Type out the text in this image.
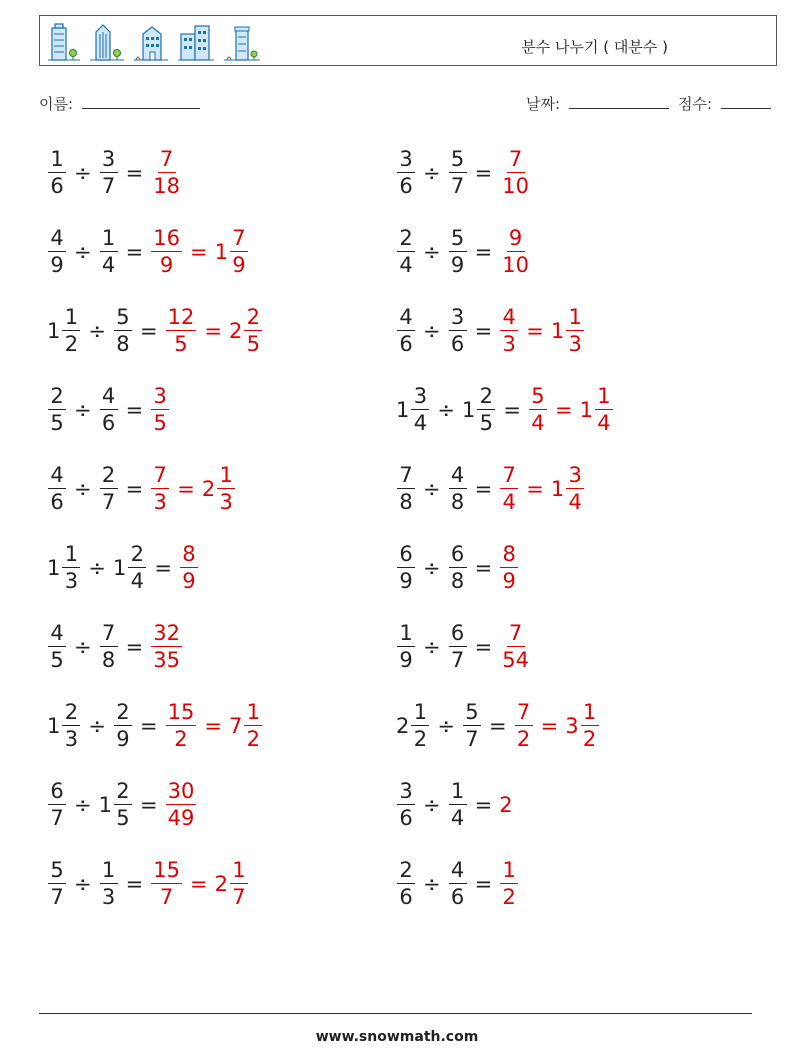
분수 나누기 ( 대분수 )
이름:	날짜:	점수:
$\frac{1}{6} \div \frac{3}{7} = \frac{7}{18}$	$\frac{3}{6} \div \frac{5}{7} = \frac{7}{10}$
$\frac{4}{9} \div \frac{1}{4} = \frac{16}{9} = 1 \frac{7}{9}$	$\frac{2}{4} \div \frac{5}{9} = \frac{9}{10}$
$1 \frac{1}{2} \div \frac{5}{8} = \frac{12}{5} = 2 \frac{2}{5}$	$\frac{4}{6} \div \frac{3}{6} = \frac{4}{3} = 1 \frac{1}{3}$
$\frac{2}{5} \div \frac{4}{6} = \frac{3}{5}$	$1 \frac{3}{4} \div 1 \frac{2}{5} = \frac{5}{4} = 1 \frac{1}{4}$
$\frac{4}{6} \div \frac{2}{7} = \frac{7}{3} = 2 \frac{1}{3}$	$\frac{7}{8} \div \frac{4}{8} = \frac{7}{4} = 1 \frac{3}{4}$
$1 \frac{1}{3} \div 1 \frac{2}{4} = \frac{8}{9}$	$\frac{6}{9} \div \frac{6}{8} = \frac{8}{9}$
$\frac{4}{5} \div \frac{7}{8} = \frac{32}{35}$	$\frac{1}{9} \div \frac{6}{7} = \frac{7}{54}$
$1 \frac{2}{3} \div \frac{2}{9} = \frac{15}{2} = 7 \frac{1}{2}$	$2 \frac{1}{2} \div \frac{5}{7} = \frac{7}{2} = 3 \frac{1}{2}$
$\frac{6}{7} \div 1 \frac{2}{5} = \frac{30}{49}$	$\frac{3}{6} \div \frac{1}{4} = 2$
$\frac{5}{7} \div \frac{1}{3} = \frac{15}{7} = 2 \frac{1}{7}$	$\frac{2}{6} \div \frac{4}{6} = \frac{1}{2}$
www.snowmath.com
